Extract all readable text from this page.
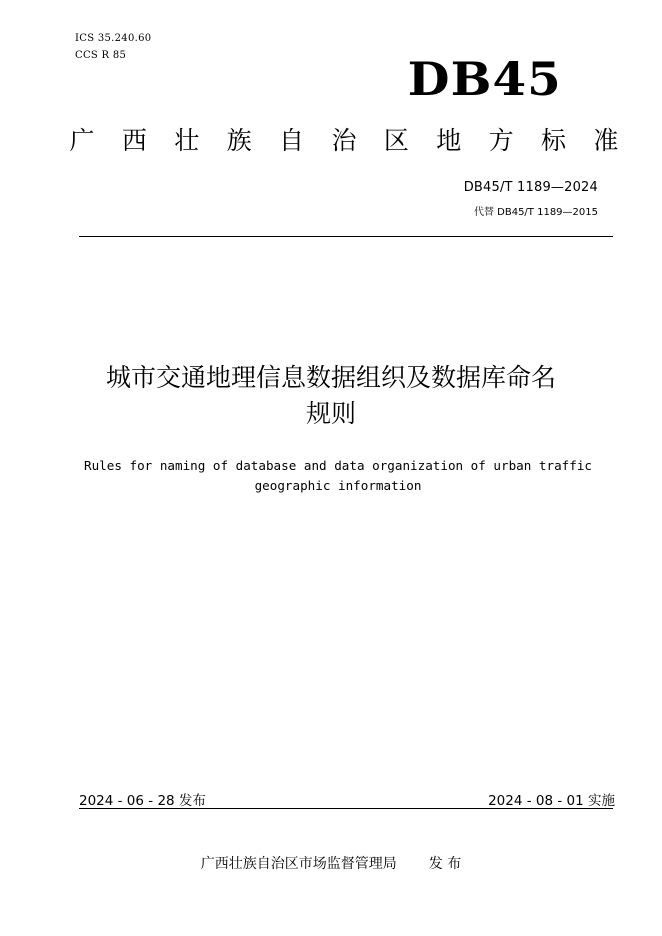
ICS 35.240.60
CCS R 85	DB45
广 西 壮 族 自 治 区 地 方 标 准
DB45/T 1189—2024
代替 DB45/T 1189—2015
城市交通地理信息数据组织及数据库命名
规则
Rules for naming of database and data organization of urban traffic
geographic information
2024 - 06 - 28 发布	2024 - 08 - 01 实施
广西壮族自治区市场监督管理局 发 布
